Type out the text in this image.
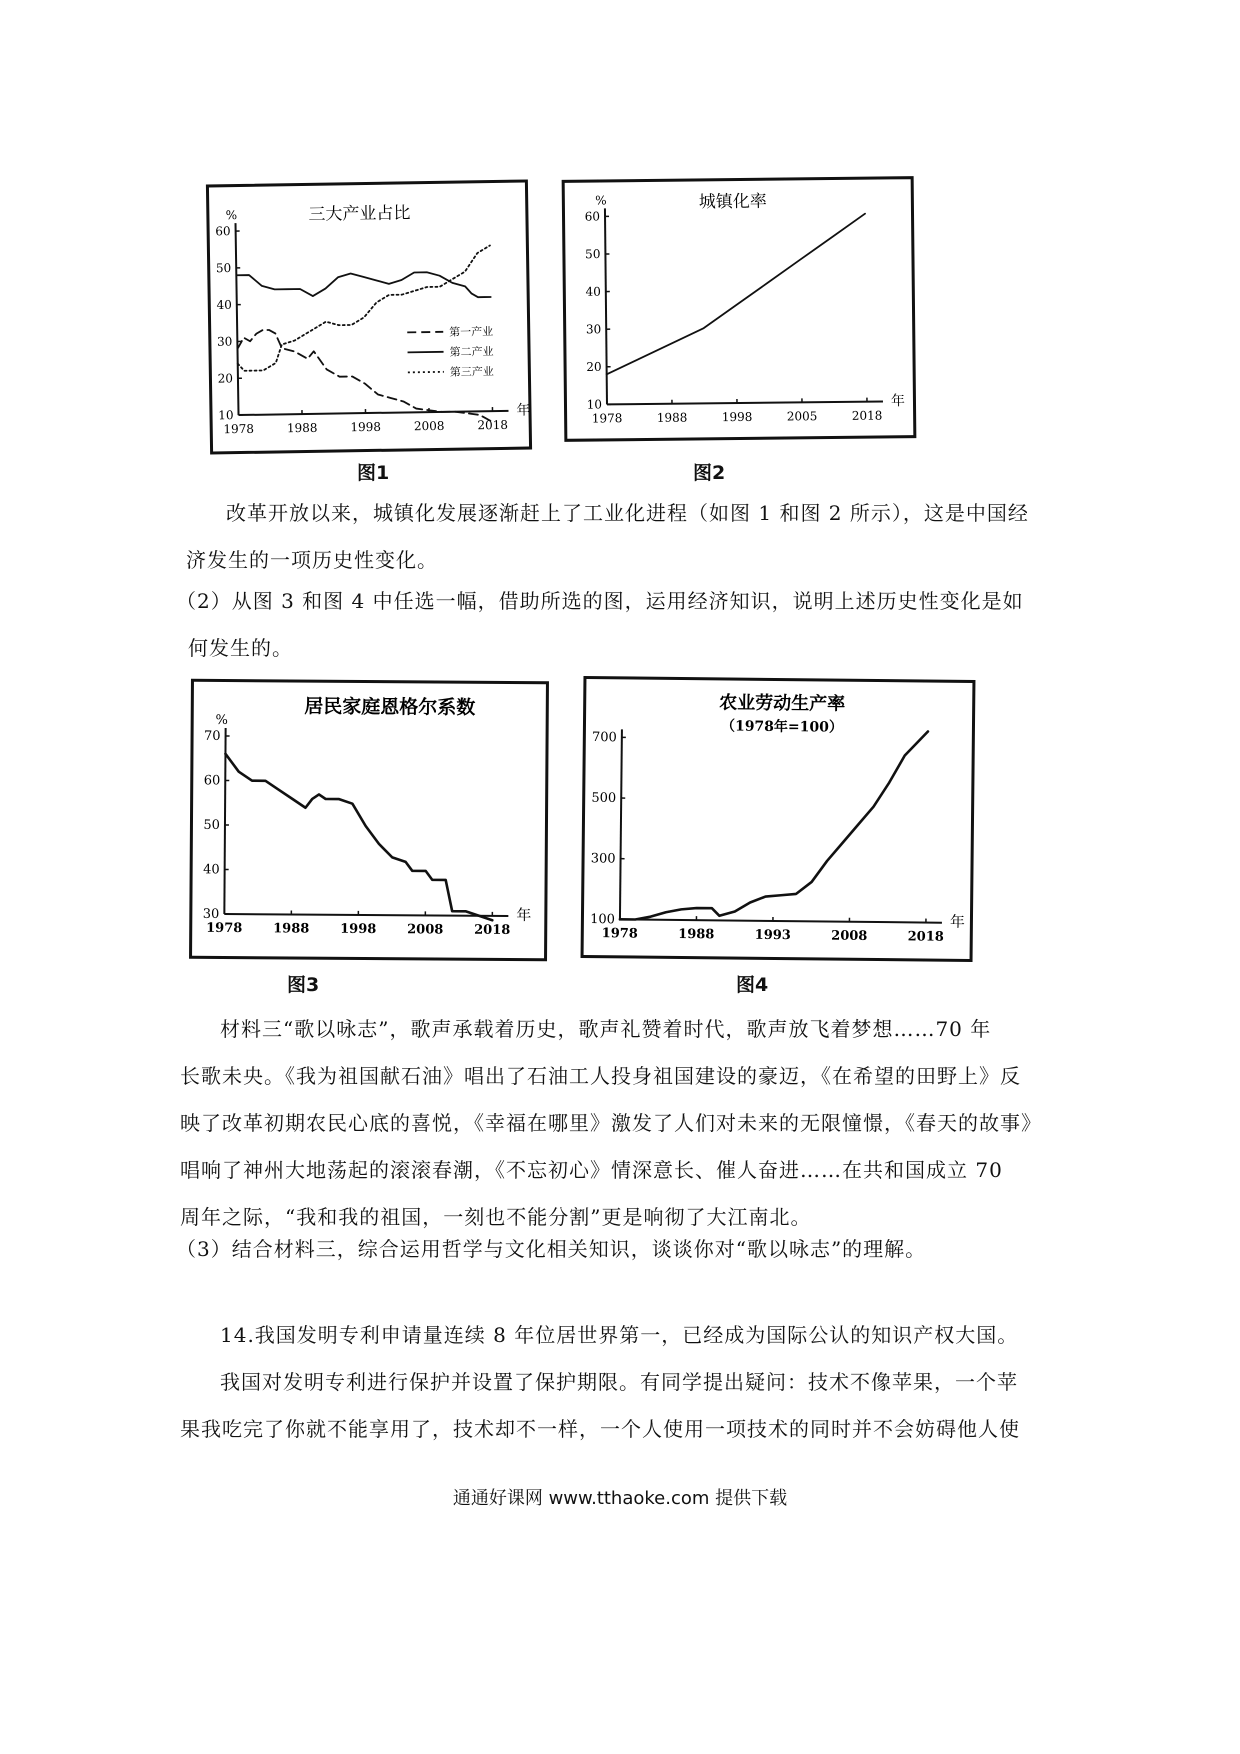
三大产业占比
%
年
10
20
30
40
50
60
1978	1988	1998	2008	2018
第一产业
第二产业
第三产业
图1
城镇化率
%
年
10
20
30
40
50
60
1978	1988	1998	2005	2018
图2
改革开放以来，城镇化发展逐渐赶上了工业化进程（如图 1 和图 2 所示），这是中国经
济发生的一项历史性变化。
（2）从图 3 和图 4 中任选一幅，借助所选的图，运用经济知识，说明上述历史性变化是如
何发生的。
居民家庭恩格尔系数
%
年
30
40
50
60
70
1978 1988 1998 2008 2018
图3
农业劳动生产率
（1978年=100）
年
100
300
500
700
1978	1988	1993	2008	2018
图4
材料三“歌以咏志”，歌声承载着历史，歌声礼赞着时代，歌声放飞着梦想……70 年
长歌未央。《我为祖国献石油》唱出了石油工人投身祖国建设的豪迈，《在希望的田野上》反
映了改革初期农民心底的喜悦，《幸福在哪里》激发了人们对未来的无限憧憬，《春天的故事》
唱响了神州大地荡起的滚滚春潮，《不忘初心》情深意长、催人奋进……在共和国成立 70
周年之际，“我和我的祖国，一刻也不能分割”更是响彻了大江南北。
（3）结合材料三，综合运用哲学与文化相关知识，谈谈你对“歌以咏志”的理解。
14.我国发明专利申请量连续 8 年位居世界第一，已经成为国际公认的知识产权大国。
我国对发明专利进行保护并设置了保护期限。有同学提出疑问：技术不像苹果，一个苹
果我吃完了你就不能享用了，技术却不一样，一个人使用一项技术的同时并不会妨碍他人使
通通好课网 www.tthaoke.com 提供下载
